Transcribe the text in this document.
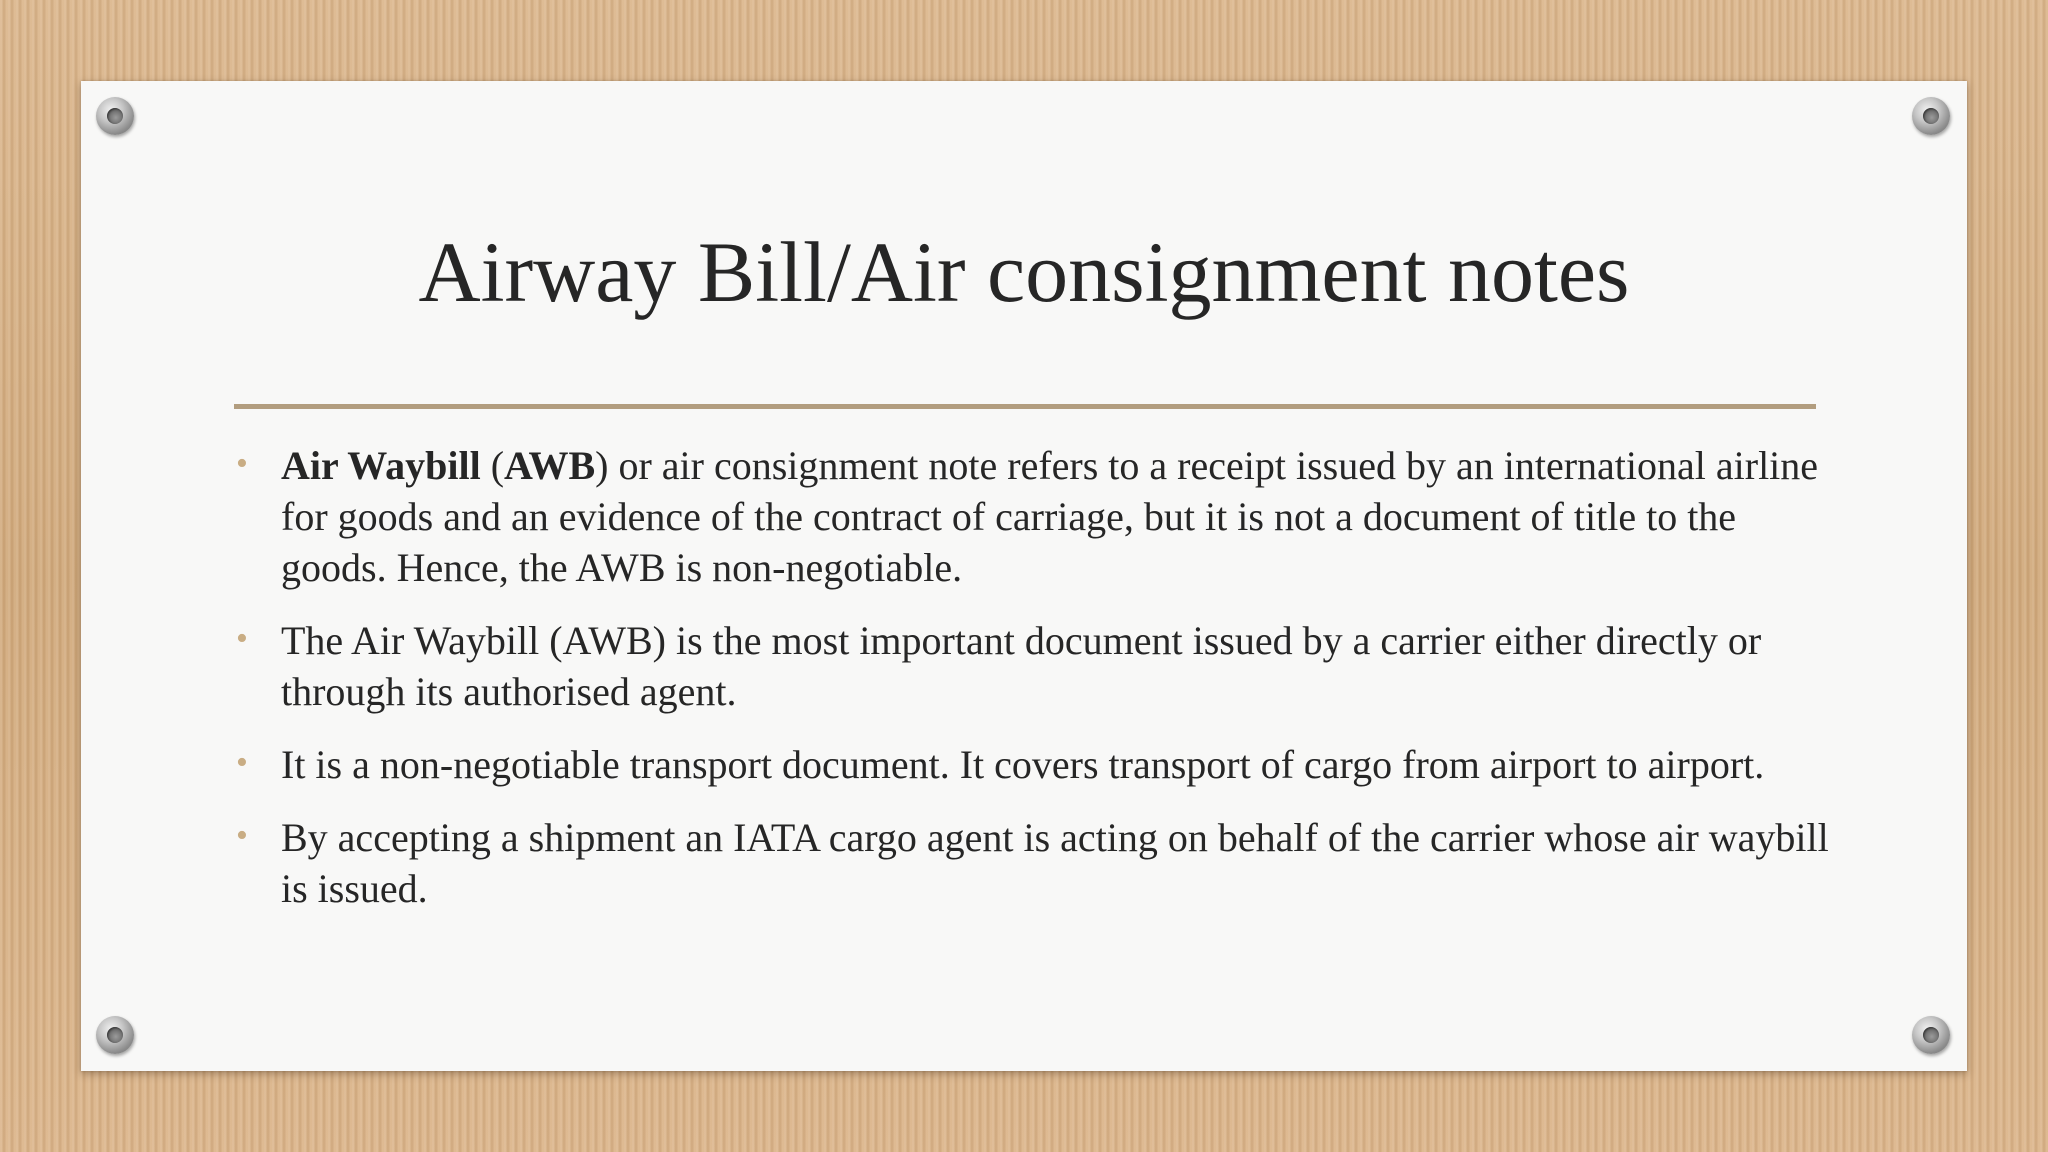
Airway Bill/Air consignment notes
• Air Waybill (AWB) or air consignment note refers to a receipt issued by an international airline for goods and an evidence of the contract of carriage, but it is not a document of title to the goods. Hence, the AWB is non-negotiable.
• The Air Waybill (AWB) is the most important document issued by a carrier either directly or through its authorised agent.
• It is a non-negotiable transport document. It covers transport of cargo from airport to airport.
• By accepting a shipment an IATA cargo agent is acting on behalf of the carrier whose air waybill is issued.
